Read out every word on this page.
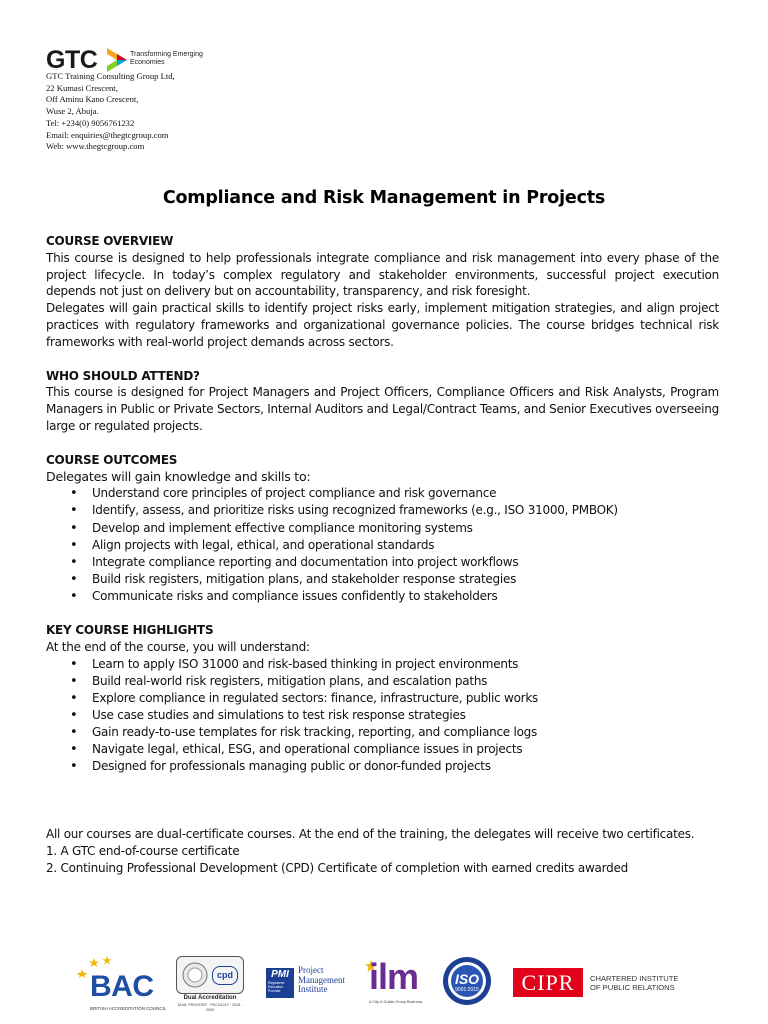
GTC	Transforming Emerging Economies
GTC Training Consulting Group Ltd,
22 Kumasi Crescent,
Off Aminu Kano Crescent,
Wuse 2, Abuja.
Tel: +234(0) 9056761232
Email: enquiries@thegtcgroup.com
Web: www.thegtcgroup.com
Compliance and Risk Management in Projects

COURSE OVERVIEW

This course is designed to help professionals integrate compliance and risk management into every phase of the project lifecycle. In today’s complex regulatory and stakeholder environments, successful project execution depends not just on delivery but on accountability, transparency, and risk foresight.

Delegates will gain practical skills to identify project risks early, implement mitigation strategies, and align project practices with regulatory frameworks and organizational governance policies. The course bridges technical risk frameworks with real-world project demands across sectors.

WHO SHOULD ATTEND?

This course is designed for Project Managers and Project Officers, Compliance Officers and Risk Analysts, Program Managers in Public or Private Sectors, Internal Auditors and Legal/Contract Teams, and Senior Executives overseeing large or regulated projects.

COURSE OUTCOMES

Delegates will gain knowledge and skills to:

• Understand core principles of project compliance and risk governance
• Identify, assess, and prioritize risks using recognized frameworks (e.g., ISO 31000, PMBOK)
• Develop and implement effective compliance monitoring systems
• Align projects with legal, ethical, and operational standards
• Integrate compliance reporting and documentation into project workflows
• Build risk registers, mitigation plans, and stakeholder response strategies
• Communicate risks and compliance issues confidently to stakeholders

KEY COURSE HIGHLIGHTS

At the end of the course, you will understand:

• Learn to apply ISO 31000 and risk-based thinking in project environments
• Build real-world risk registers, mitigation plans, and escalation paths
• Explore compliance in regulated sectors: finance, infrastructure, public works
• Use case studies and simulations to test risk response strategies
• Gain ready-to-use templates for risk tracking, reporting, and compliance logs
• Navigate legal, ethical, ESG, and operational compliance issues in projects
• Designed for professionals managing public or donor-funded projects

All our courses are dual-certificate courses. At the end of the training, the delegates will receive two certificates.

1. A GTC end-of-course certificate

2. Continuing Professional Development (CPD) Certificate of completion with earned credits awarded

BAC
BRITISH ACCREDITATION COUNCIL
cpd
Dual Accreditation
DUAL PROVIDER · PDC/01212 · 2018 - 2026
PMI
Registered Education Provider
Project
Management
Institute	ilm
A City & Guilds Group Business
ISO
9001:2015	CIPR	CHARTERED INSTITUTE
OF PUBLIC RELATIONS
